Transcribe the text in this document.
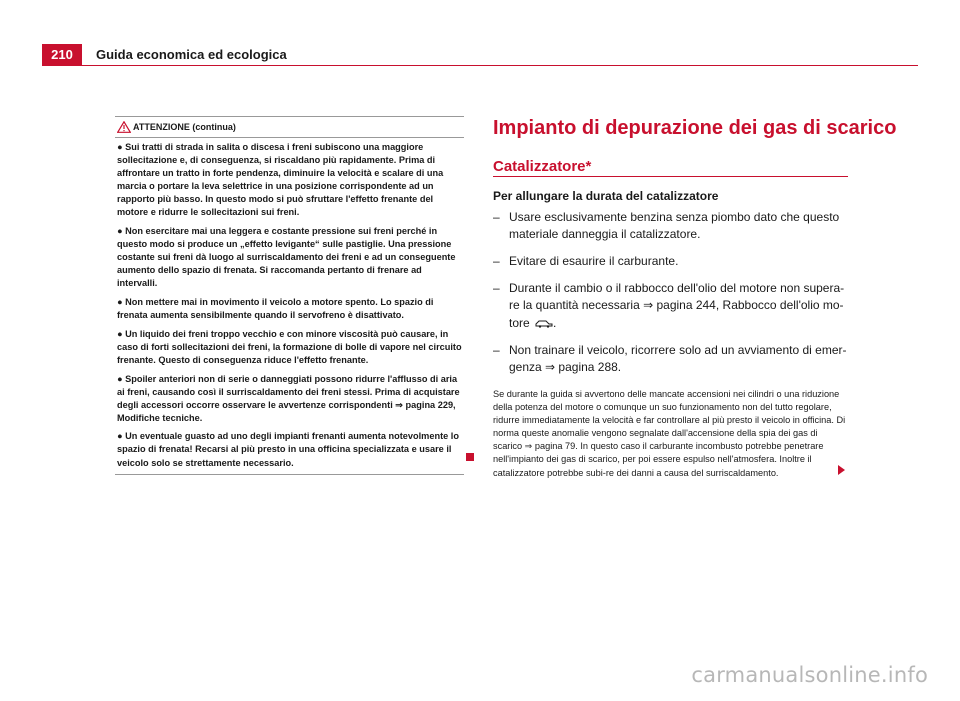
210	Guida economica ed ecologica
ATTENZIONE (continua)

● Sui tratti di strada in salita o discesa i freni subiscono una maggiore sollecitazione e, di conseguenza, si riscaldano più rapidamente. Prima di affrontare un tratto in forte pendenza, diminuire la velocità e scalare di una marcia o portare la leva selettrice in una posizione corrispondente ad un rapporto più basso. In questo modo si può sfruttare l'effetto frenante del motore e ridurre le sollecitazioni sui freni.

● Non esercitare mai una leggera e costante pressione sui freni perché in questo modo si produce un „effetto levigante“ sulle pastiglie. Una pressione costante sui freni dà luogo al surriscaldamento dei freni e ad un conseguente aumento dello spazio di frenata. Si raccomanda pertanto di frenare ad intervalli.

● Non mettere mai in movimento il veicolo a motore spento. Lo spazio di frenata aumenta sensibilmente quando il servofreno è disattivato.

● Un liquido dei freni troppo vecchio e con minore viscosità può causare, in caso di forti sollecitazioni dei freni, la formazione di bolle di vapore nel circuito frenante. Questo di conseguenza riduce l'effetto frenante.

● Spoiler anteriori non di serie o danneggiati possono ridurre l'afflusso di aria ai freni, causando così il surriscaldamento dei freni stessi. Prima di acquistare degli accessori occorre osservare le avvertenze corrispondenti ⇒ pagina 229, Modifiche tecniche.

● Un eventuale guasto ad uno degli impianti frenanti aumenta notevolmente lo spazio di frenata! Recarsi al più presto in una officina specializzata e usare il veicolo solo se strettamente necessario.

Impianto di depurazione dei gas di scarico
Catalizzatore*

Per allungare la durata del catalizzatore

– Usare esclusivamente benzina senza piombo dato che questo materiale danneggia il catalizzatore.
– Evitare di esaurire il carburante.
– Durante il cambio o il rabbocco dell'olio del motore non supera-re la quantità necessaria ⇒ pagina 244, Rabbocco dell'olio mo-tore .
– Non trainare il veicolo, ricorrere solo ad un avviamento di emer-genza ⇒ pagina 288.

Se durante la guida si avvertono delle mancate accensioni nei cilindri o una riduzione della potenza del motore o comunque un suo funzionamento non del tutto regolare, ridurre immediatamente la velocità e far controllare al più presto il veicolo in officina. Di norma queste anomalie vengono segnalate dall'accensione della spia dei gas di scarico ⇒ pagina 79. In questo caso il carburante incombusto potrebbe penetrare nell'impianto dei gas di scarico, per poi essere espulso nell'atmosfera. Inoltre il catalizzatore potrebbe subi-re dei danni a causa del surriscaldamento.

carmanualsonline.info
